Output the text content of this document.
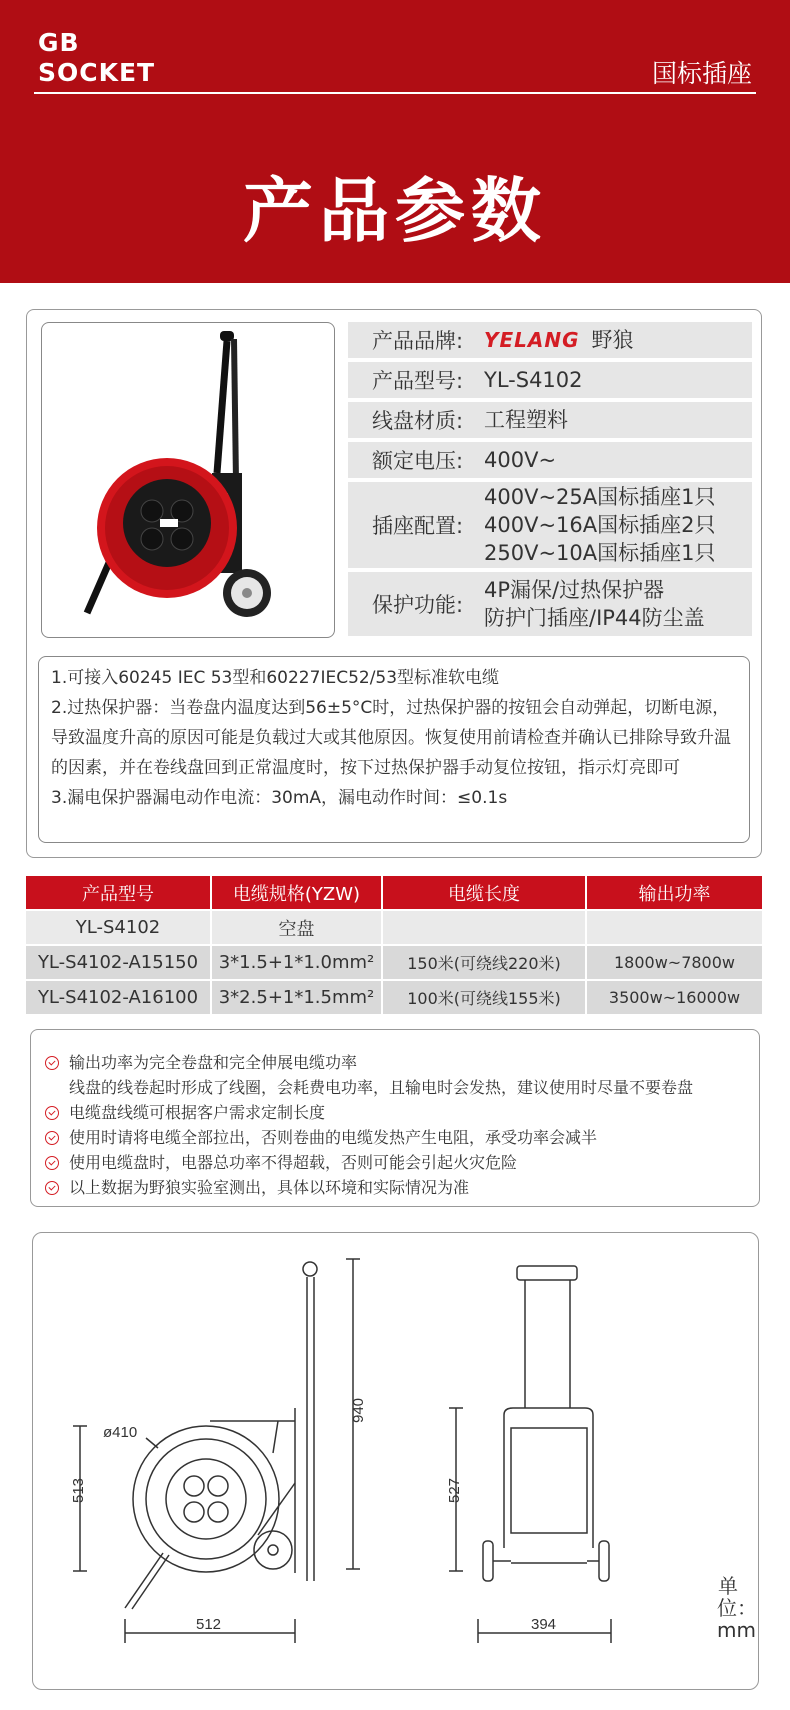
GB
SOCKET	国标插座
产品参数
产品品牌:	YELANG 野狼
产品型号: YL-S4102
线盘材质: 工程塑料
额定电压: 400V~
插座配置:
400V~25A国标插座1只
400V~16A国标插座2只
250V~10A国标插座1只
保护功能:
4P漏保/过热保护器
防护门插座/IP44防尘盖
1.可接入60245 IEC 53型和60227IEC52/53型标准软电缆
2.过热保护器：当卷盘内温度达到56±5°C时，过热保护器的按钮会自动弹起，切断电源，导致温度升高的原因可能是负载过大或其他原因。恢复使用前请检查并确认已排除导致升温的因素，并在卷线盘回到正常温度时，按下过热保护器手动复位按钮，指示灯亮即可
3.漏电保护器漏电动作电流：30mA，漏电动作时间：≤0.1s
产品型号	电缆规格(YZW)	电缆长度	输出功率
YL-S4102	空盘
YL-S4102-A15150	3*1.5+1*1.0mm²	150米(可绕线220米)	1800w~7800w
YL-S4102-A16100	3*2.5+1*1.5mm²	100米(可绕线155米)	3500w~16000w
输出功率为完全卷盘和完全伸展电缆功率
线盘的线卷起时形成了线圈，会耗费电功率，且输电时会发热，建议使用时尽量不要卷盘
电缆盘线缆可根据客户需求定制长度
使用时请将电缆全部拉出，否则卷曲的电缆发热产生电阻，承受功率会减半
使用电缆盘时，电器总功率不得超载，否则可能会引起火灾危险
以上数据为野狼实验室测出，具体以环境和实际情况为准
ø410
940
513
512
527
394
单位：mm
